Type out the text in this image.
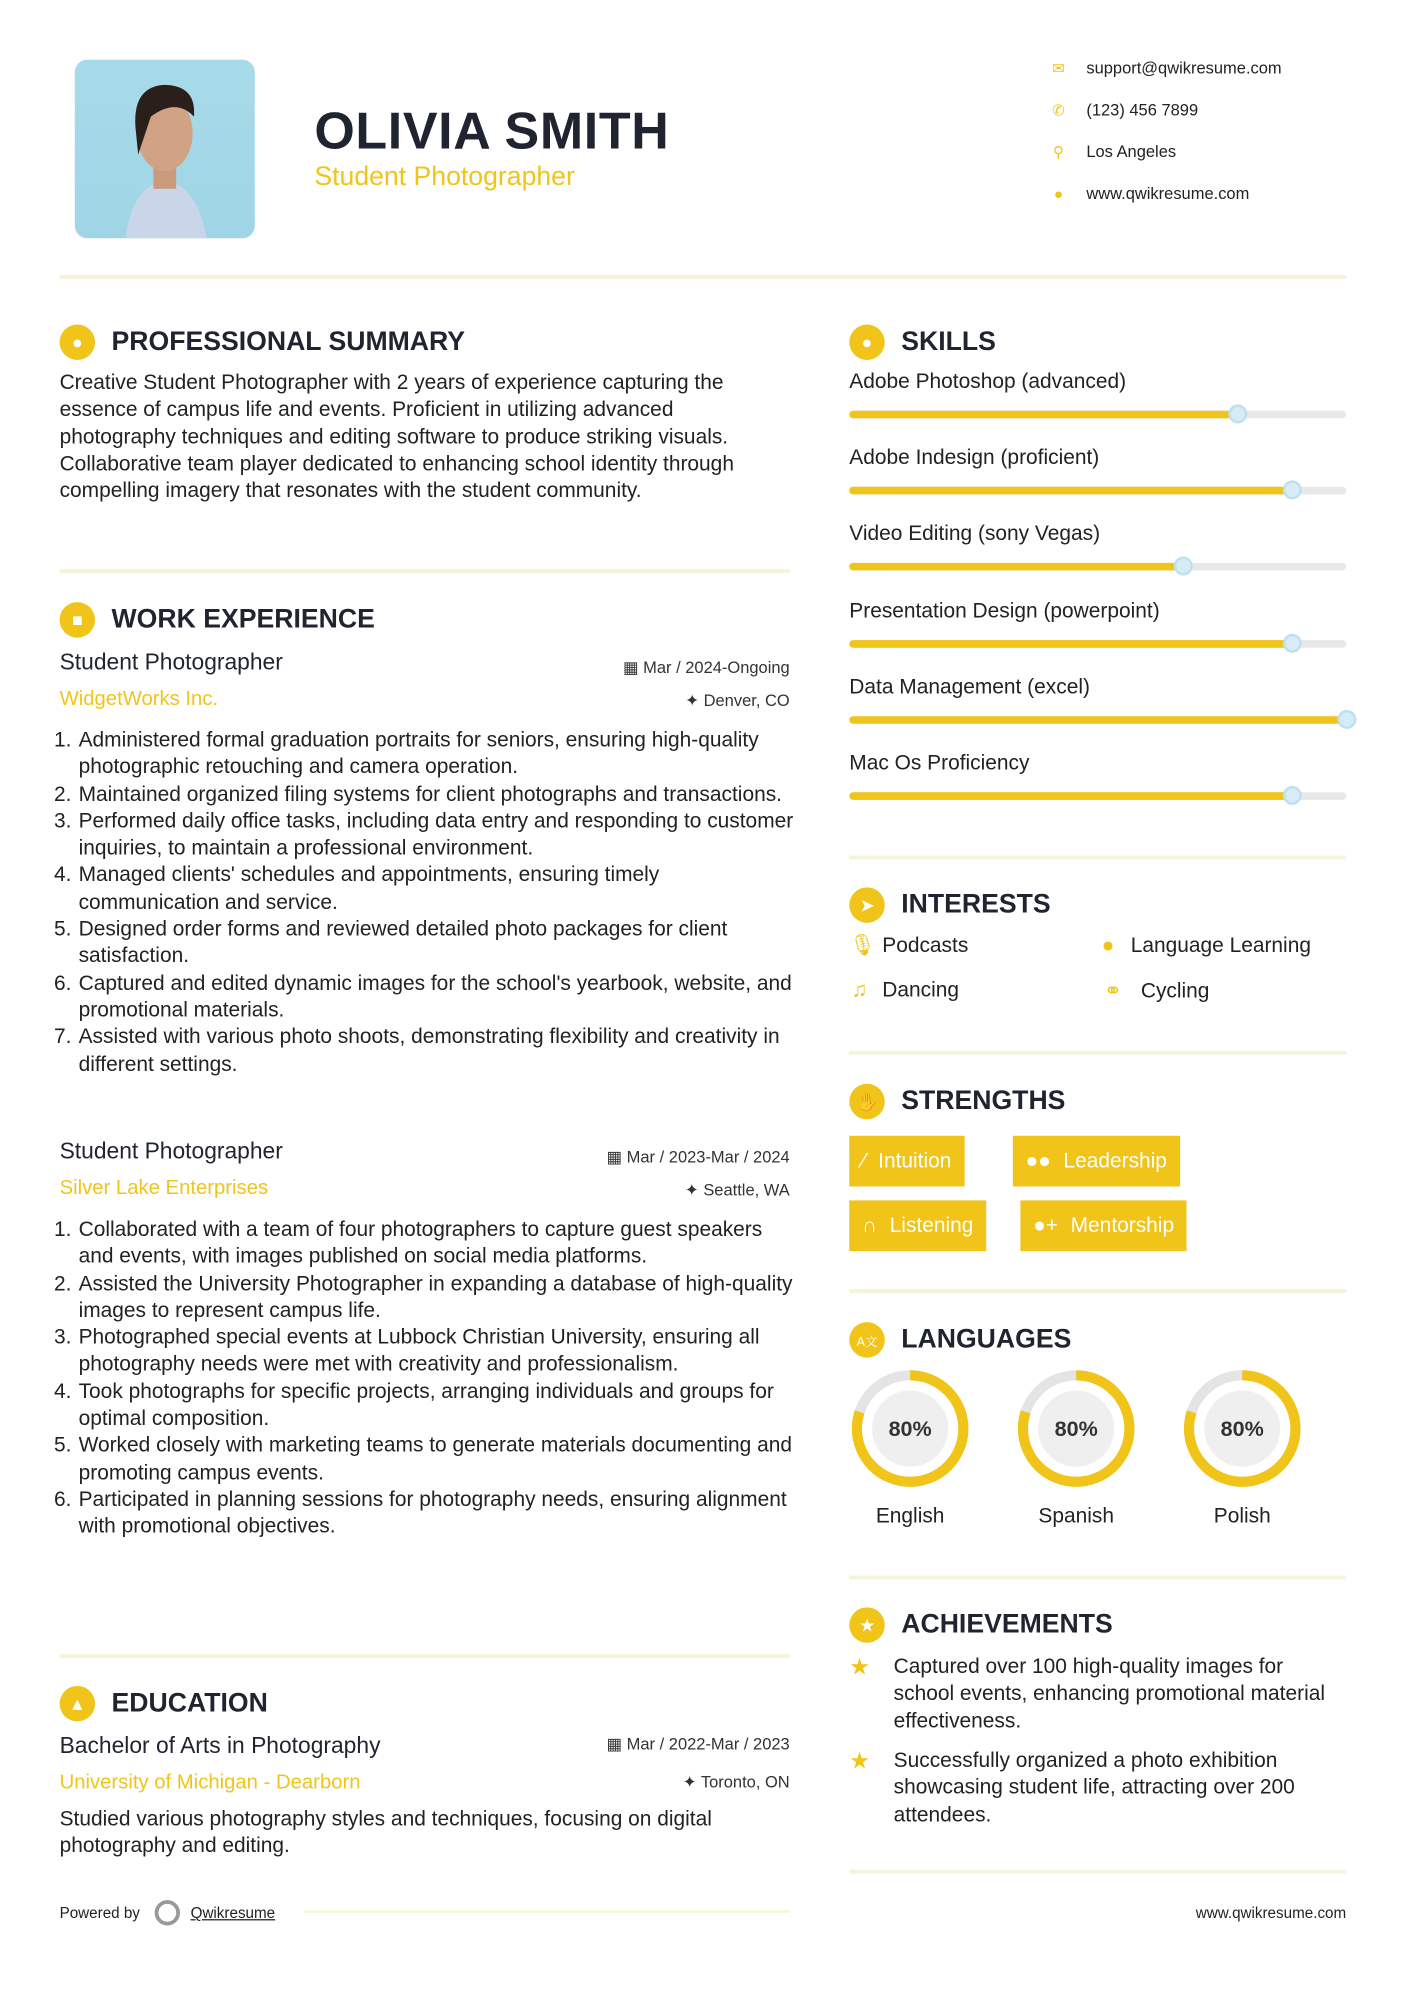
OLIVIA SMITH
Student Photographer
✉ support@qwikresume.com
✆ (123) 456 7899
⚲ Los Angeles
●	www.qwikresume.com
●	PROFESSIONAL SUMMARY
Creative Student Photographer with 2 years of experience capturing the essence of campus life and events. Proficient in utilizing advanced photography techniques and editing software to produce striking visuals. Collaborative team player dedicated to enhancing school identity through compelling imagery that resonates with the student community.
■	WORK EXPERIENCE
Student Photographer	▦ Mar / 2024-Ongoing
WidgetWorks Inc.	✦ Denver, CO
1. Administered formal graduation portraits for seniors, ensuring high-quality photographic retouching and camera operation.
2. Maintained organized filing systems for client photographs and transactions.
3. Performed daily office tasks, including data entry and responding to customer inquiries, to maintain a professional environment.
4. Managed clients' schedules and appointments, ensuring timely communication and service.
5. Designed order forms and reviewed detailed photo packages for client satisfaction.
6. Captured and edited dynamic images for the school's yearbook, website, and promotional materials.
7. Assisted with various photo shoots, demonstrating flexibility and creativity in different settings.
Student Photographer	▦ Mar / 2023-Mar / 2024
Silver Lake Enterprises	✦ Seattle, WA
1. Collaborated with a team of four photographers to capture guest speakers and events, with images published on social media platforms.
2. Assisted the University Photographer in expanding a database of high-quality images to represent campus life.
3. Photographed special events at Lubbock Christian University, ensuring all photography needs were met with creativity and professionalism.
4. Took photographs for specific projects, arranging individuals and groups for optimal composition.
5. Worked closely with marketing teams to generate materials documenting and promoting campus events.
6. Participated in planning sessions for photography needs, ensuring alignment with promotional objectives.
▲	EDUCATION
Bachelor of Arts in Photography	▦ Mar / 2022-Mar / 2023
University of Michigan - Dearborn	✦ Toronto, ON
Studied various photography styles and techniques, focusing on digital photography and editing.
Powered by	Qwikresume
●	SKILLS
Adobe Photoshop (advanced)
Adobe Indesign (proficient)
Video Editing (sony Vegas)
Presentation Design (powerpoint)
Data Management (excel)
Mac Os Proficiency
➤	INTERESTS
🎙︎ Podcasts	● Language Learning
♫ Dancing	⚭	Cycling
✋	STRENGTHS
⁄ Intuition	●● Leadership
∩ Listening	●+ Mentorship
A文	LANGUAGES
80%
English
80%
Spanish
80%
Polish
★	ACHIEVEMENTS
★	Captured over 100 high-quality images for school events, enhancing promotional material effectiveness.
★	Successfully organized a photo exhibition showcasing student life, attracting over 200 attendees.
www.qwikresume.com
